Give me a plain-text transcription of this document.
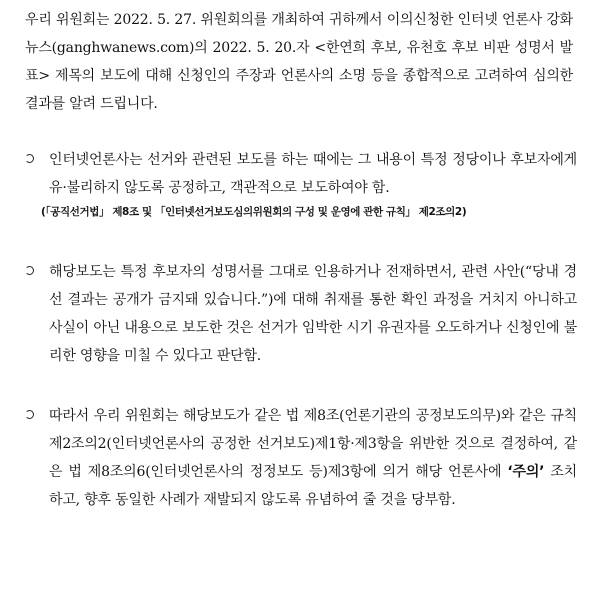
우리 위원회는 2022. 5. 27. 위원회의를 개최하여 귀하께서 이의신청한 인터넷 언론사 강화뉴스(ganghwanews.com)의 2022. 5. 20.자 <한연희 후보, 유천호 후보 비판 성명서 발표> 제목의 보도에 대해 신청인의 주장과 언론사의 소명 등을 종합적으로 고려하여 심의한 결과를 알려 드립니다.

인터넷언론사는 선거와 관련된 보도를 하는 때에는 그 내용이 특정 정당이나 후보자에게 유·불리하지 않도록 공정하고, 객관적으로 보도하여야 함.
(「공직선거법」 제8조 및 「인터넷선거보도심의위원회의 구성 및 운영에 관한 규칙」 제2조의2)
해당보도는 특정 후보자의 성명서를 그대로 인용하거나 전재하면서, 관련 사안(“당내 경선 결과는 공개가 금지돼 있습니다.”)에 대해 취재를 통한 확인 과정을 거치지 아니하고 사실이 아닌 내용으로 보도한 것은 선거가 임박한 시기 유권자를 오도하거나 신청인에 불리한 영향을 미칠 수 있다고 판단함.
따라서 우리 위원회는 해당보도가 같은 법 제8조(언론기관의 공정보도의무)와 같은 규칙 제2조의2(인터넷언론사의 공정한 선거보도)제1항·제3항을 위반한 것으로 결정하여, 같은 법 제8조의6(인터넷언론사의 정정보도 등)제3항에 의거 해당 언론사에 ‘주의’ 조치 하고, 향후 동일한 사례가 재발되지 않도록 유념하여 줄 것을 당부함.
